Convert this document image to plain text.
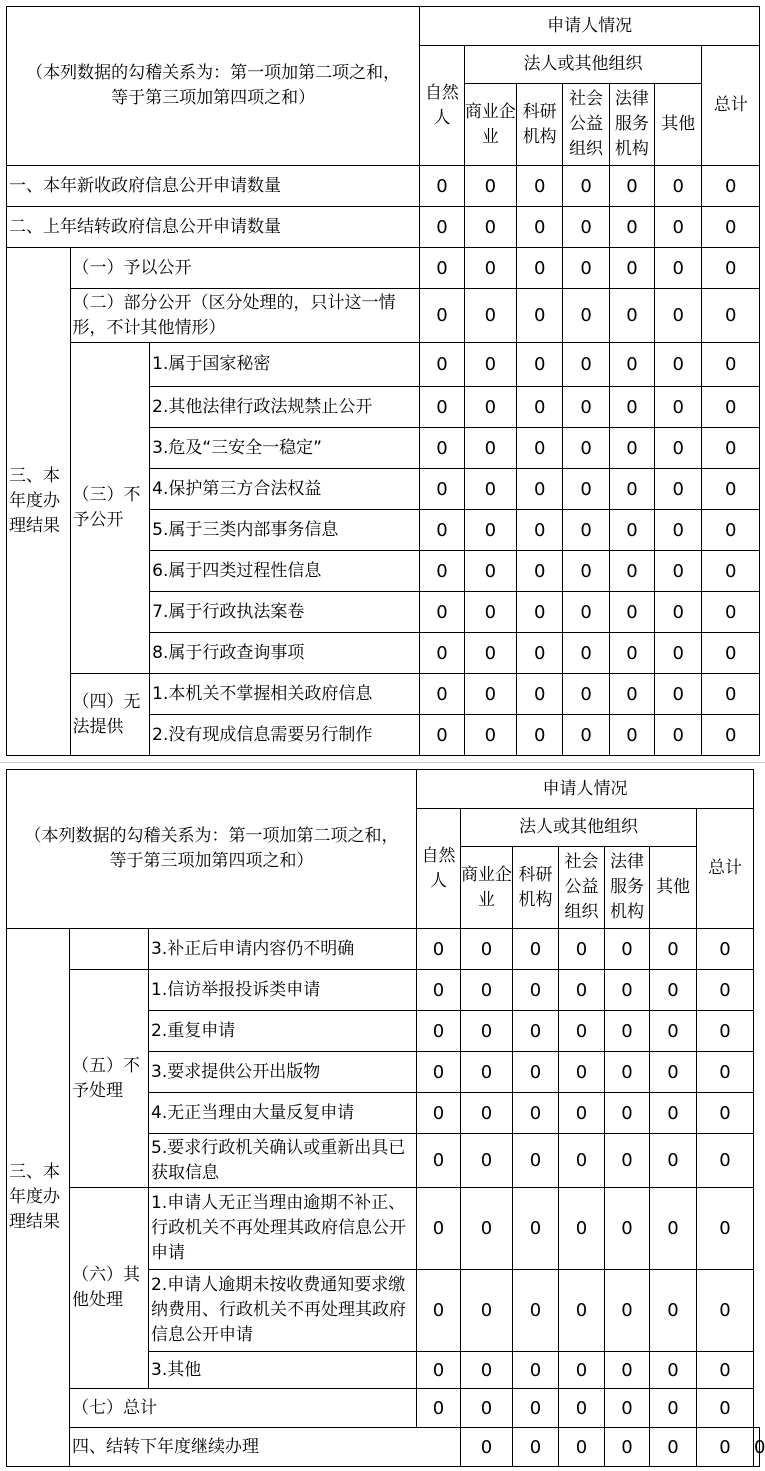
（本列数据的勾稽关系为：第一项加第二项之和，
等于第三项加第四项之和）			申请人情况						
			自然人	法人或其他组织					总计
				商业企业	科研机构	社会公益组织	法律服务机构	其他	
一、本年新收政府信息公开申请数量			0	0	0	0	0	0	0
二、上年结转政府信息公开申请数量			0	0	0	0	0	0	0
三、本年度办理结果	（一）予以公开		0	0	0	0	0	0	0
	（二）部分公开（区分处理的，只计这一情形，不计其他情形）		0	0	0	0	0	0	0
	（三）不予公开	1.属于国家秘密	0	0	0	0	0	0	0
		2.其他法律行政法规禁止公开	0	0	0	0	0	0	0
		3.危及“三安全一稳定”	0	0	0	0	0	0	0
		4.保护第三方合法权益	0	0	0	0	0	0	0
		5.属于三类内部事务信息	0	0	0	0	0	0	0
		6.属于四类过程性信息	0	0	0	0	0	0	0
		7.属于行政执法案卷	0	0	0	0	0	0	0
		8.属于行政查询事项	0	0	0	0	0	0	0
	（四）无法提供	1.本机关不掌握相关政府信息	0	0	0	0	0	0	0
		2.没有现成信息需要另行制作	0	0	0	0	0	0	0
（本列数据的勾稽关系为：第一项加第二项之和，
等于第三项加第四项之和）			申请人情况							
			自然人	法人或其他组织					总计	
				商业企业	科研机构	社会公益组织	法律服务机构	其他		
三、本年度办理结果		3.补正后申请内容仍不明确	0	0	0	0	0	0	0	
	（五）不予处理	1.信访举报投诉类申请	0	0	0	0	0	0	0	
		2.重复申请	0	0	0	0	0	0	0	
		3.要求提供公开出版物	0	0	0	0	0	0	0	
		4.无正当理由大量反复申请	0	0	0	0	0	0	0	
		5.要求行政机关确认或重新出具已获取信息	0	0	0	0	0	0	0	
	（六）其他处理	1.申请人无正当理由逾期不补正、行政机关不再处理其政府信息公开申请	0	0	0	0	0	0	0	
		2.申请人逾期未按收费通知要求缴纳费用、行政机关不再处理其政府信息公开申请	0	0	0	0	0	0	0	
		3.其他	0	0	0	0	0	0	0	
	（七）总计		0	0	0	0	0	0	0	
	四、结转下年度继续办理			0	0	0	0	0	0	0
